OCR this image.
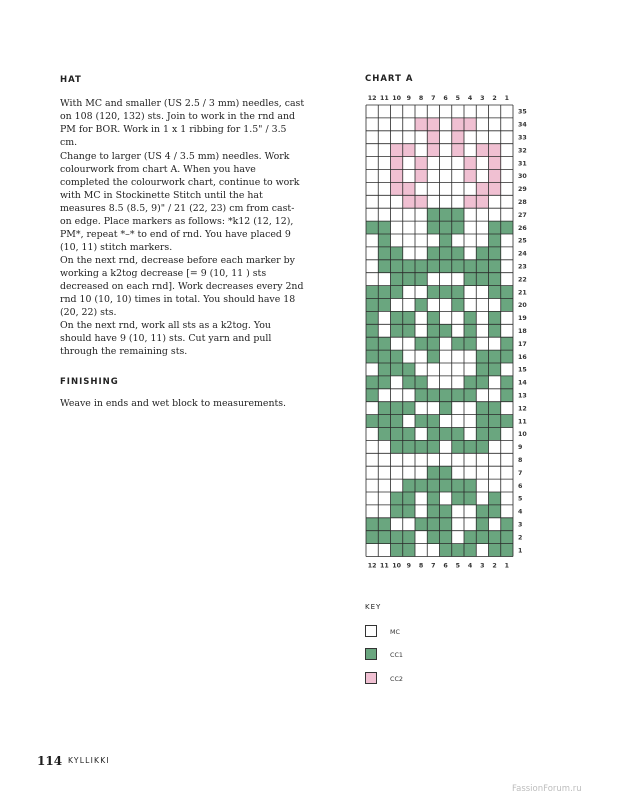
HAT

With MC and smaller (US 2.5 / 3 mm) needles, cast on 108 (120, 132) sts. Join to work in the rnd and PM for BOR. Work in 1 x 1 ribbing for 1.5" / 3.5 cm.

Change to larger (US 4 / 3.5 mm) needles. Work colourwork from chart A. When you have completed the colourwork chart, continue to work with MC in Stockinette Stitch until the hat measures 8.5 (8.5, 9)" / 21 (22, 23) cm from cast-on edge. Place markers as follows: *k12 (12, 12), PM*, repeat *–* to end of rnd. You have placed 9 (10, 11) stitch markers.

On the next rnd, decrease before each marker by working a k2tog decrease [= 9 (10, 11 ) sts decreased on each rnd]. Work decreases every 2nd rnd 10 (10, 10) times in total. You should have 18 (20, 22) sts.

On the next rnd, work all sts as a k2tog. You should have 9 (10, 11) sts. Cut yarn and pull through the remaining sts.

FINISHING

Weave in ends and wet block to measurements.

CHART A
12
12
11
11
10
10
9
9
8
8
7
7
6
6
5
5
4
4
3
3
2
2
1
1
35
34
33
32
31
30
29
28
27
26
25
24
23
22
21
20
19
18
17
16
15
14
13
12
11
10
9
8
7
6
5
4
3
2
1
KEY
MC
CC1
CC2
114 KYLLIKKI
FassionForum.ru
